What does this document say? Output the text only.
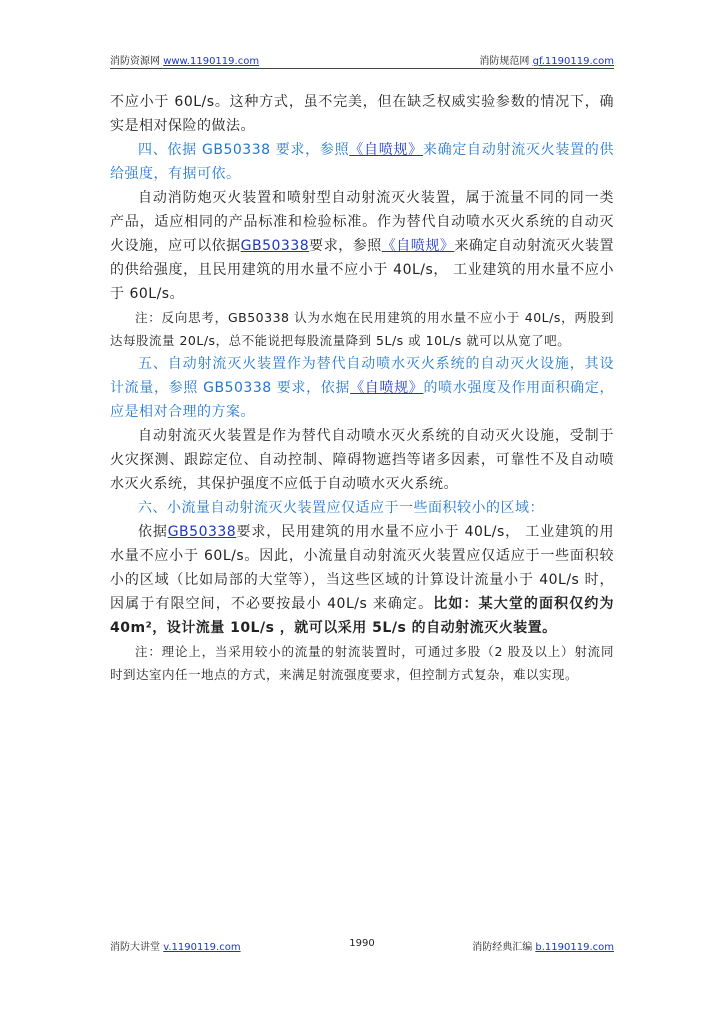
消防资源网 www.1190119.com	消防规范网 gf.1190119.com

不应小于 60L/s。这种方式，虽不完美，但在缺乏权威实验参数的情况下，确实是相对保险的做法。

四、依据 GB50338 要求，参照《自喷规》来确定自动射流灭火装置的供给强度，有据可依。

自动消防炮灭火装置和喷射型自动射流灭火装置，属于流量不同的同一类产品，适应相同的产品标准和检验标准。作为替代自动喷水灭火系统的自动灭火设施，应可以依据GB50338要求，参照《自喷规》来确定自动射流灭火装置的供给强度，且民用建筑的用水量不应小于 40L/s， 工业建筑的用水量不应小于 60L/s。

注：反向思考，GB50338 认为水炮在民用建筑的用水量不应小于 40L/s，两股到达每股流量 20L/s，总不能说把每股流量降到 5L/s 或 10L/s 就可以从宽了吧。

五、自动射流灭火装置作为替代自动喷水灭火系统的自动灭火设施，其设计流量，参照 GB50338 要求，依据《自喷规》的喷水强度及作用面积确定，应是相对合理的方案。

自动射流灭火装置是作为替代自动喷水灭火系统的自动灭火设施，受制于火灾探测、跟踪定位、自动控制、障碍物遮挡等诸多因素，可靠性不及自动喷水灭火系统，其保护强度不应低于自动喷水灭火系统。

六、小流量自动射流灭火装置应仅适应于一些面积较小的区域：

依据GB50338要求，民用建筑的用水量不应小于 40L/s， 工业建筑的用水量不应小于 60L/s。因此，小流量自动射流灭火装置应仅适应于一些面积较小的区域（比如局部的大堂等），当这些区域的计算设计流量小于 40L/s 时，因属于有限空间，不必要按最小 40L/s 来确定。比如：某大堂的面积仅约为 40m²，设计流量 10L/s ，就可以采用 5L/s 的自动射流灭火装置。

注：理论上，当采用较小的流量的射流装置时，可通过多股（2 股及以上）射流同时到达室内任一地点的方式，来满足射流强度要求，但控制方式复杂，难以实现。

消防大讲堂 v.1190119.com	1990	消防经典汇编 b.1190119.com
